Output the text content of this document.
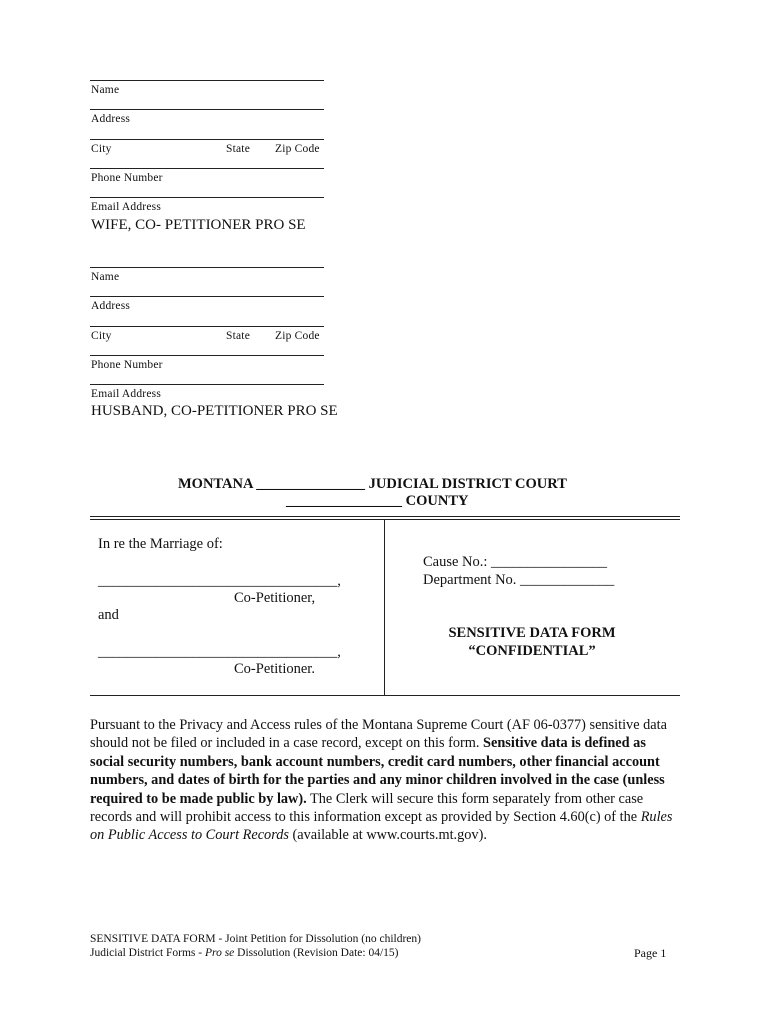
Name
Address
City	State Zip Code
Phone Number
Email Address
WIFE, CO- PETITIONER PRO SE
Name
Address
City	State Zip Code
Phone Number
Email Address
HUSBAND, CO-PETITIONER PRO SE
MONTANA _______________ JUDICIAL DISTRICT COURT
________________ COUNTY
In re the Marriage of:
_________________________________,
Co-Petitioner,
and
_________________________________,
Co-Petitioner.
Cause No.: ________________
Department No. _____________
SENSITIVE DATA FORM
“CONFIDENTIAL”
Pursuant to the Privacy and Access rules of the Montana Supreme Court (AF 06-0377) sensitive data should not be filed or included in a case record, except on this form. Sensitive data is defined as social security numbers, bank account numbers, credit card numbers, other financial account numbers, and dates of birth for the parties and any minor children involved in the case (unless required to be made public by law). The Clerk will secure this form separately from other case records and will prohibit access to this information except as provided by Section 4.60(c) of the Rules on Public Access to Court Records (available at www.courts.mt.gov).
SENSITIVE DATA FORM - Joint Petition for Dissolution (no children)
Judicial District Forms - Pro se Dissolution (Revision Date: 04/15)	Page 1
